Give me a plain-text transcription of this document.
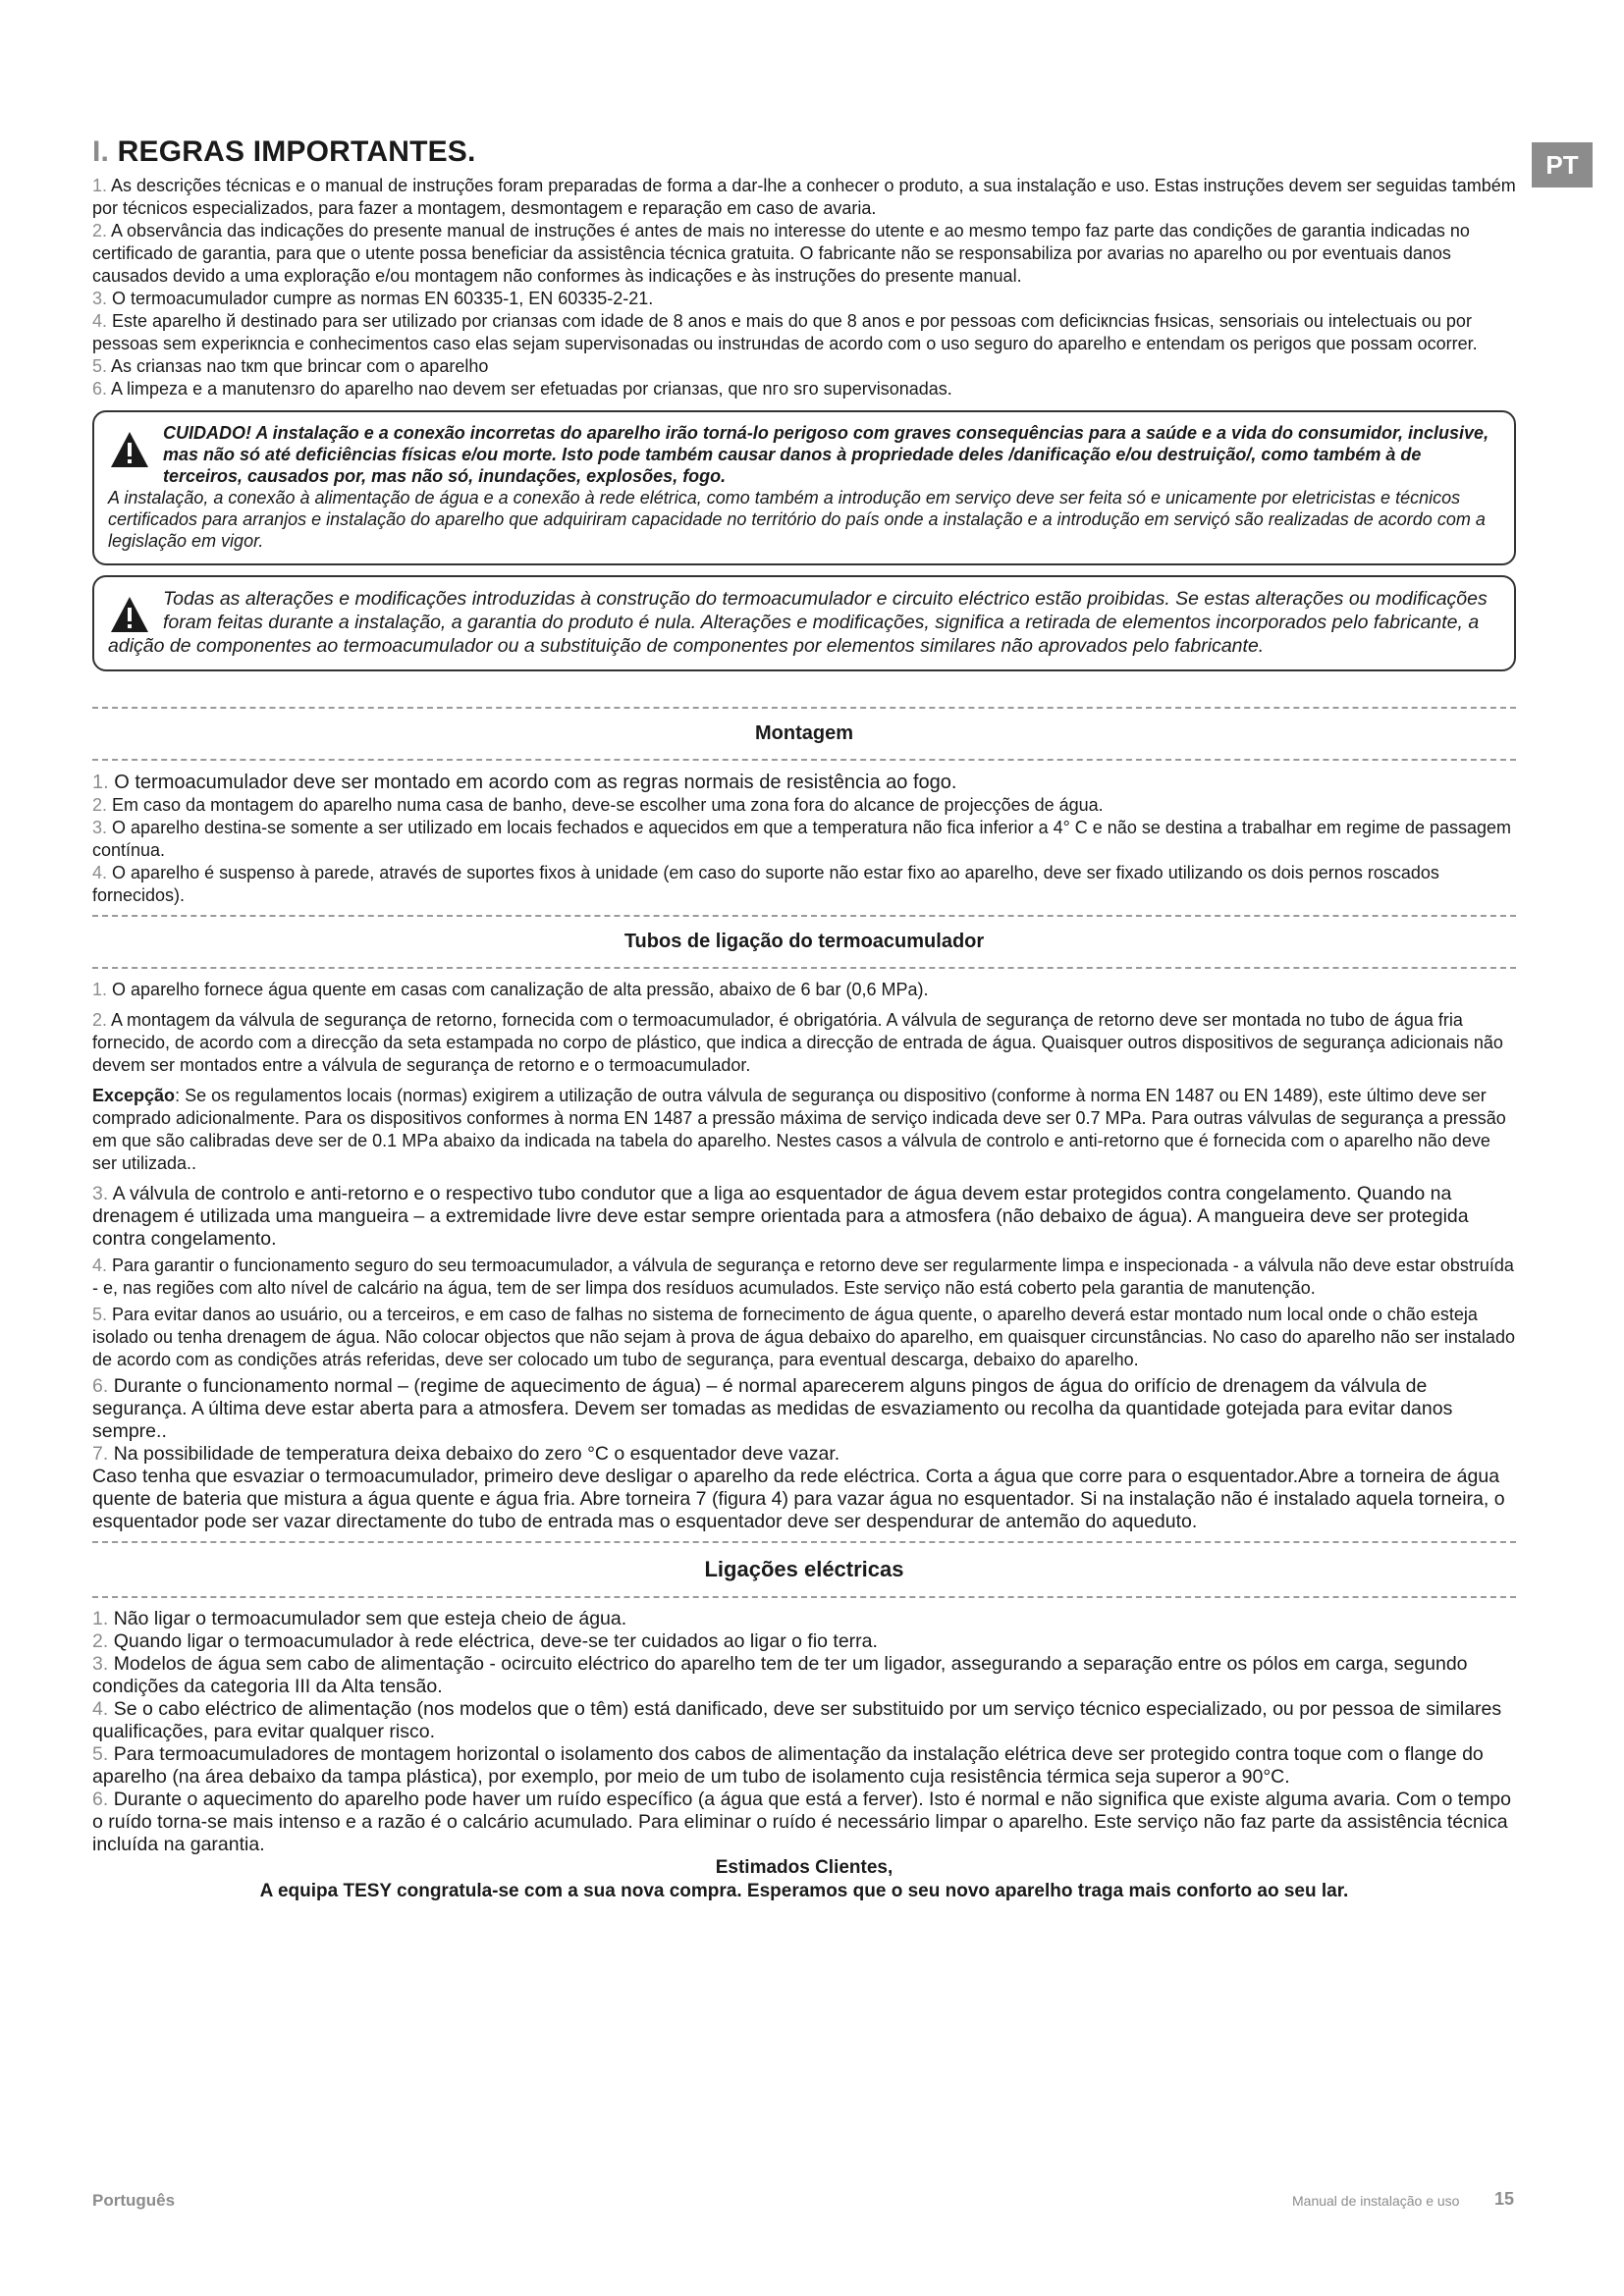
PT
I. REGRAS IMPORTANTES.

1. As descrições técnicas e o manual de instruções foram preparadas de forma a dar-lhe a conhecer o produto, a sua instalação e uso. Estas instruções devem ser seguidas também por técnicos especializados, para fazer a montagem, desmontagem e reparação em caso de avaria.

2. A observância das indicações do presente manual de instruções é antes de mais no interesse do utente e ao mesmo tempo faz parte das condições de garantia indicadas no certificado de garantia, para que o utente possa beneficiar da assistência técnica gratuita. O fabricante não se responsabiliza por avarias no aparelho ou por eventuais danos causados devido a uma exploração e/ou montagem não conformes às indicações e às instruções do presente manual.

3. O termoacumulador cumpre as normas EN 60335-1, EN 60335-2-21.

4. Este aparelho й destinado para ser utilizado por crianзas com idade de 8 anos e mais do que 8 anos e por pessoas com deficiкncias fнsicas, sensoriais ou intelectuais ou por pessoas sem experiкncia e conhecimentos caso elas sejam supervisonadas ou instruнdas de acordo com o uso seguro do aparelho e entendam os perigos que possam ocorrer.

5. As crianзas nao tкm que brincar com o aparelho

6. A limpeza e a manutenзгo do aparelho nao devem ser efetuadas por crianзas, que nгo sгo supervisonadas.

CUIDADO! A instalação e a conexão incorretas do aparelho irão torná-lo perigoso com graves consequências para a saúde e a vida do consumidor, inclusive, mas não só até deficiências físicas e/ou morte. Isto pode também causar danos à propriedade deles /danificação e/ou destruição/, como também à de terceiros, causados por, mas não só, inundações, explosões, fogo.
A instalação, a conexão à alimentação de água e a conexão à rede elétrica, como também a introdução em serviço deve ser feita só e unicamente por eletricistas e técnicos certificados para arranjos e instalação do aparelho que adquiriram capacidade no território do país onde a instalação e a introdução em serviçó são realizadas de acordo com a legislação em vigor.
Todas as alterações e modificações introduzidas à construção do termoacumulador e circuito eléctrico estão proibidas. Se estas alterações ou modificações foram feitas durante a instalação, a garantia do produto é nula. Alterações e modificações, significa a retirada de elementos incorporados pelo fabricante, a adição de componentes ao termoacumulador ou a substituição de componentes por elementos similares não aprovados pelo fabricante.
Montagem

1. O termoacumulador deve ser montado em acordo com as regras normais de resistência ao fogo.

2. Em caso da montagem do aparelho numa casa de banho, deve-se escolher uma zona fora do alcance de projecções de água.

3. O aparelho destina-se somente a ser utilizado em locais fechados e aquecidos em que a temperatura não fica inferior a 4° C e não se destina a trabalhar em regime de passagem contínua.

4. O aparelho é suspenso à parede, através de suportes fixos à unidade (em caso do suporte não estar fixo ao aparelho, deve ser fixado utilizando os dois pernos roscados fornecidos).

Tubos de ligação do termoacumulador

1. O aparelho fornece água quente em casas com canalização de alta pressão, abaixo de 6 bar (0,6 MPa).

2. A montagem da válvula de segurança de retorno, fornecida com o termoacumulador, é obrigatória. A válvula de segurança de retorno deve ser montada no tubo de água fria fornecido, de acordo com a direcção da seta estampada no corpo de plástico, que indica a direcção de entrada de água. Quaisquer outros dispositivos de segurança adicionais não devem ser montados entre a válvula de segurança de retorno e o termoacumulador.

Excepção: Se os regulamentos locais (normas) exigirem a utilização de outra válvula de segurança ou dispositivo (conforme à norma EN 1487 ou EN 1489), este último deve ser comprado adicionalmente. Para os dispositivos conformes à norma EN 1487 a pressão máxima de serviço indicada deve ser 0.7 MPa. Para outras válvulas de segurança a pressão em que são calibradas deve ser de 0.1 MPa abaixo da indicada na tabela do aparelho. Nestes casos a válvula de controlo e anti-retorno que é fornecida com o aparelho não deve ser utilizada..

3. A válvula de controlo e anti-retorno e o respectivo tubo condutor que a liga ao esquentador de água devem estar protegidos contra congelamento. Quando na drenagem é utilizada uma mangueira – a extremidade livre deve estar sempre orientada para a atmosfera (não debaixo de água). A mangueira deve ser protegida contra congelamento.

4. Para garantir o funcionamento seguro do seu termoacumulador, a válvula de segurança e retorno deve ser regularmente limpa e inspecionada - a válvula não deve estar obstruída - e, nas regiões com alto nível de calcário na água, tem de ser limpa dos resíduos acumulados. Este serviço não está coberto pela garantia de manutenção.

5. Para evitar danos ao usuário, ou a terceiros, e em caso de falhas no sistema de fornecimento de água quente, o aparelho deverá estar montado num local onde o chão esteja isolado ou tenha drenagem de água. Não colocar objectos que não sejam à prova de água debaixo do aparelho, em quaisquer circunstâncias. No caso do aparelho não ser instalado de acordo com as condições atrás referidas, deve ser colocado um tubo de segurança, para eventual descarga, debaixo do aparelho.

6. Durante o funcionamento normal – (regime de aquecimento de água) – é normal aparecerem alguns pingos de água do orifício de drenagem da válvula de segurança. A última deve estar aberta para a atmosfera. Devem ser tomadas as medidas de esvaziamento ou recolha da quantidade gotejada para evitar danos sempre..

7. Na possibilidade de temperatura deixa debaixo do zero °C o esquentador deve vazar.

Caso tenha que esvaziar o termoacumulador, primeiro deve desligar o aparelho da rede eléctrica. Corta a água que corre para o esquentador.Abre a torneira de água quente de bateria que mistura a água quente e água fria. Abre torneira 7 (figura 4) para vazar água no esquentador. Si na instalação não é instalado aquela torneira, o esquentador pode ser vazar directamente do tubo de entrada mas o esquentador deve ser despendurar de antemão do aqueduto.

Ligações eléctricas

1. Não ligar o termoacumulador sem que esteja cheio de água.

2. Quando ligar o termoacumulador à rede eléctrica, deve-se ter cuidados ao ligar o fio terra.

3. Modelos de água sem cabo de alimentação - ocircuito eléctrico do aparelho tem de ter um ligador, assegurando a separação entre os pólos em carga, segundo condições da categoria III da Alta tensão.

4. Se o cabo eléctrico de alimentação (nos modelos que o têm) está danificado, deve ser substituido por um serviço técnico especializado, ou por pessoa de similares qualificações, para evitar qualquer risco.

5. Para termoacumuladores de montagem horizontal o isolamento dos cabos de alimentação da instalação elétrica deve ser protegido contra toque com o flange do aparelho (na área debaixo da tampa plástica), por exemplo, por meio de um tubo de isolamento cuja resistência térmica seja superor a 90°C.

6. Durante o aquecimento do aparelho pode haver um ruído específico (a água que está a ferver). Isto é normal e não significa que existe alguma avaria. Com o tempo o ruído torna-se mais intenso e a razão é o calcário acumulado. Para eliminar o ruído é necessário limpar o aparelho. Este serviço não faz parte da assistência técnica incluída na garantia.

Estimados Clientes,
A equipa TESY congratula-se com a sua nova compra. Esperamos que o seu novo aparelho traga mais conforto ao seu lar.
Português	Manual de instalação e uso 15
